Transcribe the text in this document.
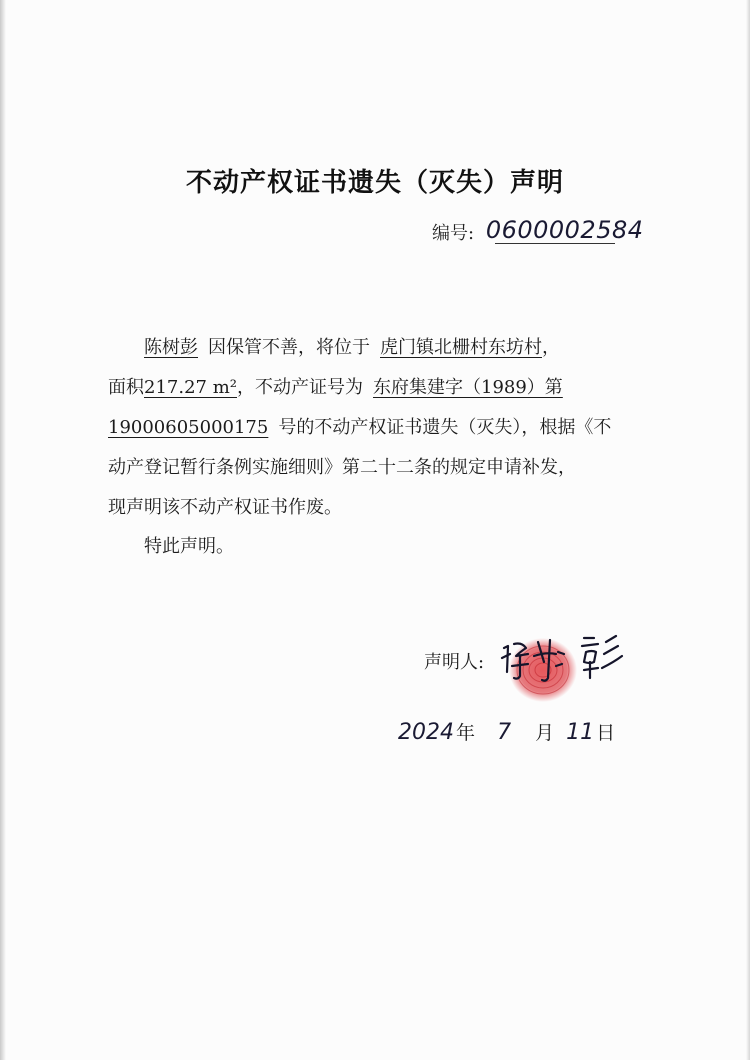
不动产权证书遗失（灭失）声明
编号: 0600002584
陈树彭 因保管不善，将位于 虎门镇北栅村东坊村，
面积217.27 m²，不动产证号为 东府集建字（1989）第
19000605000175 号的不动产权证书遗失（灭失），根据《不
动产登记暂行条例实施细则》第二十二条的规定申请补发，
现声明该不动产权证书作废。
特此声明。
声明人:
2024 年 7 月 11 日
